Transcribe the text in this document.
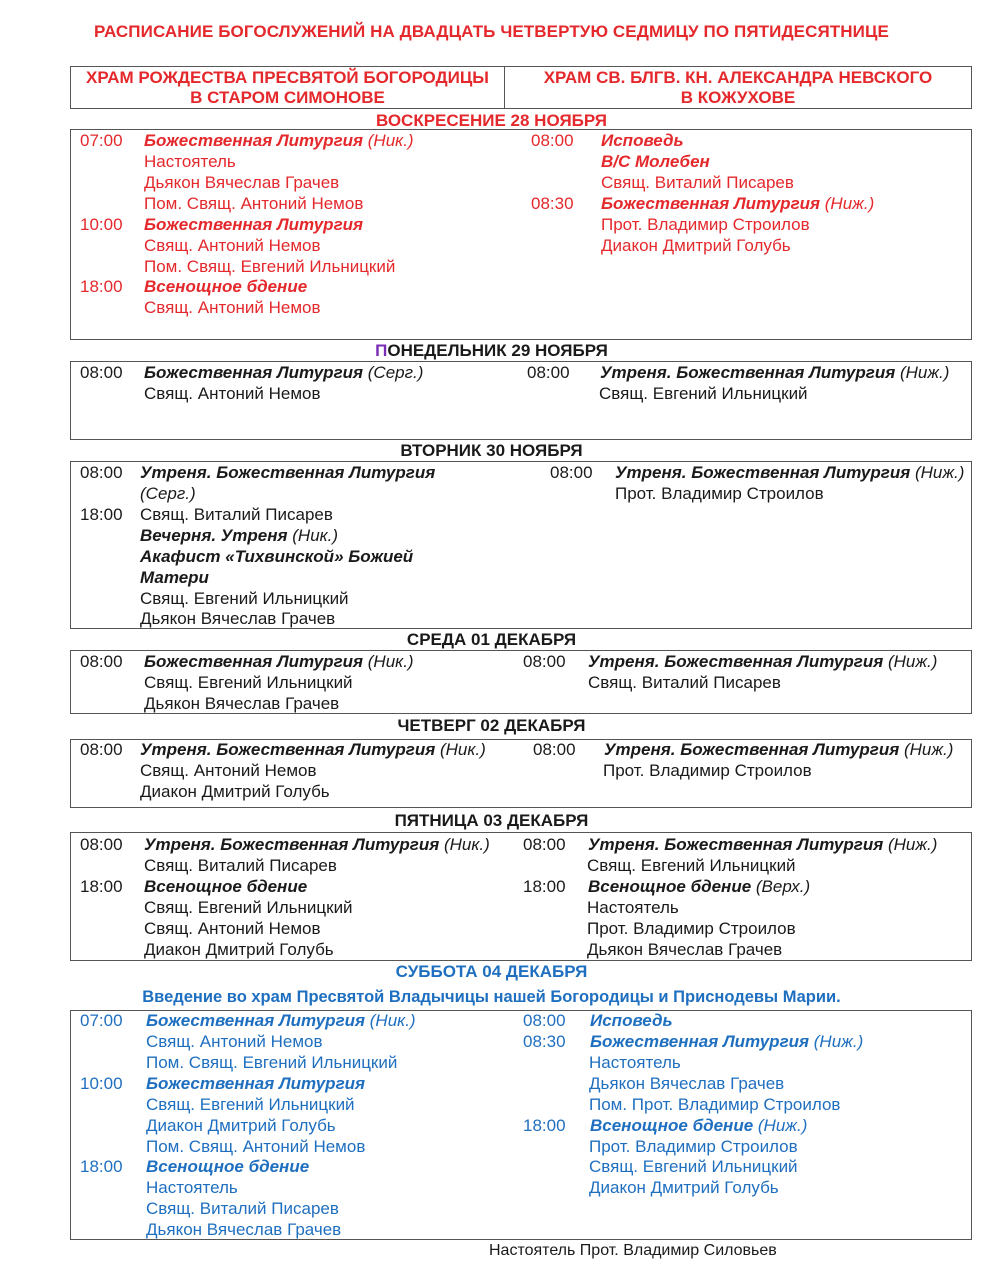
РАСПИСАНИЕ БОГОСЛУЖЕНИЙ НА ДВАДЦАТЬ ЧЕТВЕРТУЮ СЕДМИЦУ ПО ПЯТИДЕСЯТНИЦЕ
ХРАМ РОЖДЕСТВА ПРЕСВЯТОЙ БОГОРОДИЦЫ
В СТАРОМ СИМОНОВЕ
ХРАМ СВ. БЛГВ. КН. АЛЕКСАНДРА НЕВСКОГО
В КОЖУХОВЕ
ВОСКРЕСЕНИЕ 28 НОЯБРЯ
07:00 Божественная Литургия (Ник.)
Настоятель
Дьякон Вячеслав Грачев
Пом. Свящ. Антоний Немов
10:00 Божественная Литургия
Свящ. Антоний Немов
Пом. Свящ. Евгений Ильницкий
18:00 Всенощное бдение
Свящ. Антоний Немов
08:00 Исповедь
В/С Молебен
Свящ. Виталий Писарев
08:30 Божественная Литургия (Ниж.)
Прот. Владимир Строилов
Диакон Дмитрий Голубь
ПОНЕДЕЛЬНИК 29 НОЯБРЯ
08:00 Божественная Литургия (Серг.)
Свящ. Антоний Немов
08:00 Утреня. Божественная Литургия (Ниж.)
Свящ. Евгений Ильницкий
ВТОРНИК 30 НОЯБРЯ
08:00 Утреня. Божественная Литургия
(Серг.)
18:00 Свящ. Виталий Писарев
Вечерня. Утреня (Ник.)
Акафист «Тихвинской» Божией
Матери
Свящ. Евгений Ильницкий
Дьякон Вячеслав Грачев
08:00 Утреня. Божественная Литургия (Ниж.)
Прот. Владимир Строилов
СРЕДА 01 ДЕКАБРЯ
08:00 Божественная Литургия (Ник.)
Свящ. Евгений Ильницкий
Дьякон Вячеслав Грачев
08:00 Утреня. Божественная Литургия (Ниж.)
Свящ. Виталий Писарев
ЧЕТВЕРГ 02 ДЕКАБРЯ
08:00 Утреня. Божественная Литургия (Ник.)
Свящ. Антоний Немов
Диакон Дмитрий Голубь
08:00 Утреня. Божественная Литургия (Ниж.)
Прот. Владимир Строилов
ПЯТНИЦА 03 ДЕКАБРЯ
08:00 Утреня. Божественная Литургия (Ник.)
Свящ. Виталий Писарев
18:00 Всенощное бдение
Свящ. Евгений Ильницкий
Свящ. Антоний Немов
Диакон Дмитрий Голубь
08:00 Утреня. Божественная Литургия (Ниж.)
Свящ. Евгений Ильницкий
18:00 Всенощное бдение (Верх.)
Настоятель
Прот. Владимир Строилов
Дьякон Вячеслав Грачев
СУББОТА 04 ДЕКАБРЯ
Введение во храм Пресвятой Владычицы нашей Богородицы и Приснодевы Марии.
07:00 Божественная Литургия (Ник.)
Свящ. Антоний Немов
Пом. Свящ. Евгений Ильницкий
10:00 Божественная Литургия
Свящ. Евгений Ильницкий
Диакон Дмитрий Голубь
Пом. Свящ. Антоний Немов
18:00 Всенощное бдение
Настоятель
Свящ. Виталий Писарев
Дьякон Вячеслав Грачев
08:00 Исповедь
08:30 Божественная Литургия (Ниж.)
Настоятель
Дьякон Вячеслав Грачев
Пом. Прот. Владимир Строилов
18:00 Всенощное бдение (Ниж.)
Прот. Владимир Строилов
Свящ. Евгений Ильницкий
Диакон Дмитрий Голубь
Настоятель Прот. Владимир Силовьев
